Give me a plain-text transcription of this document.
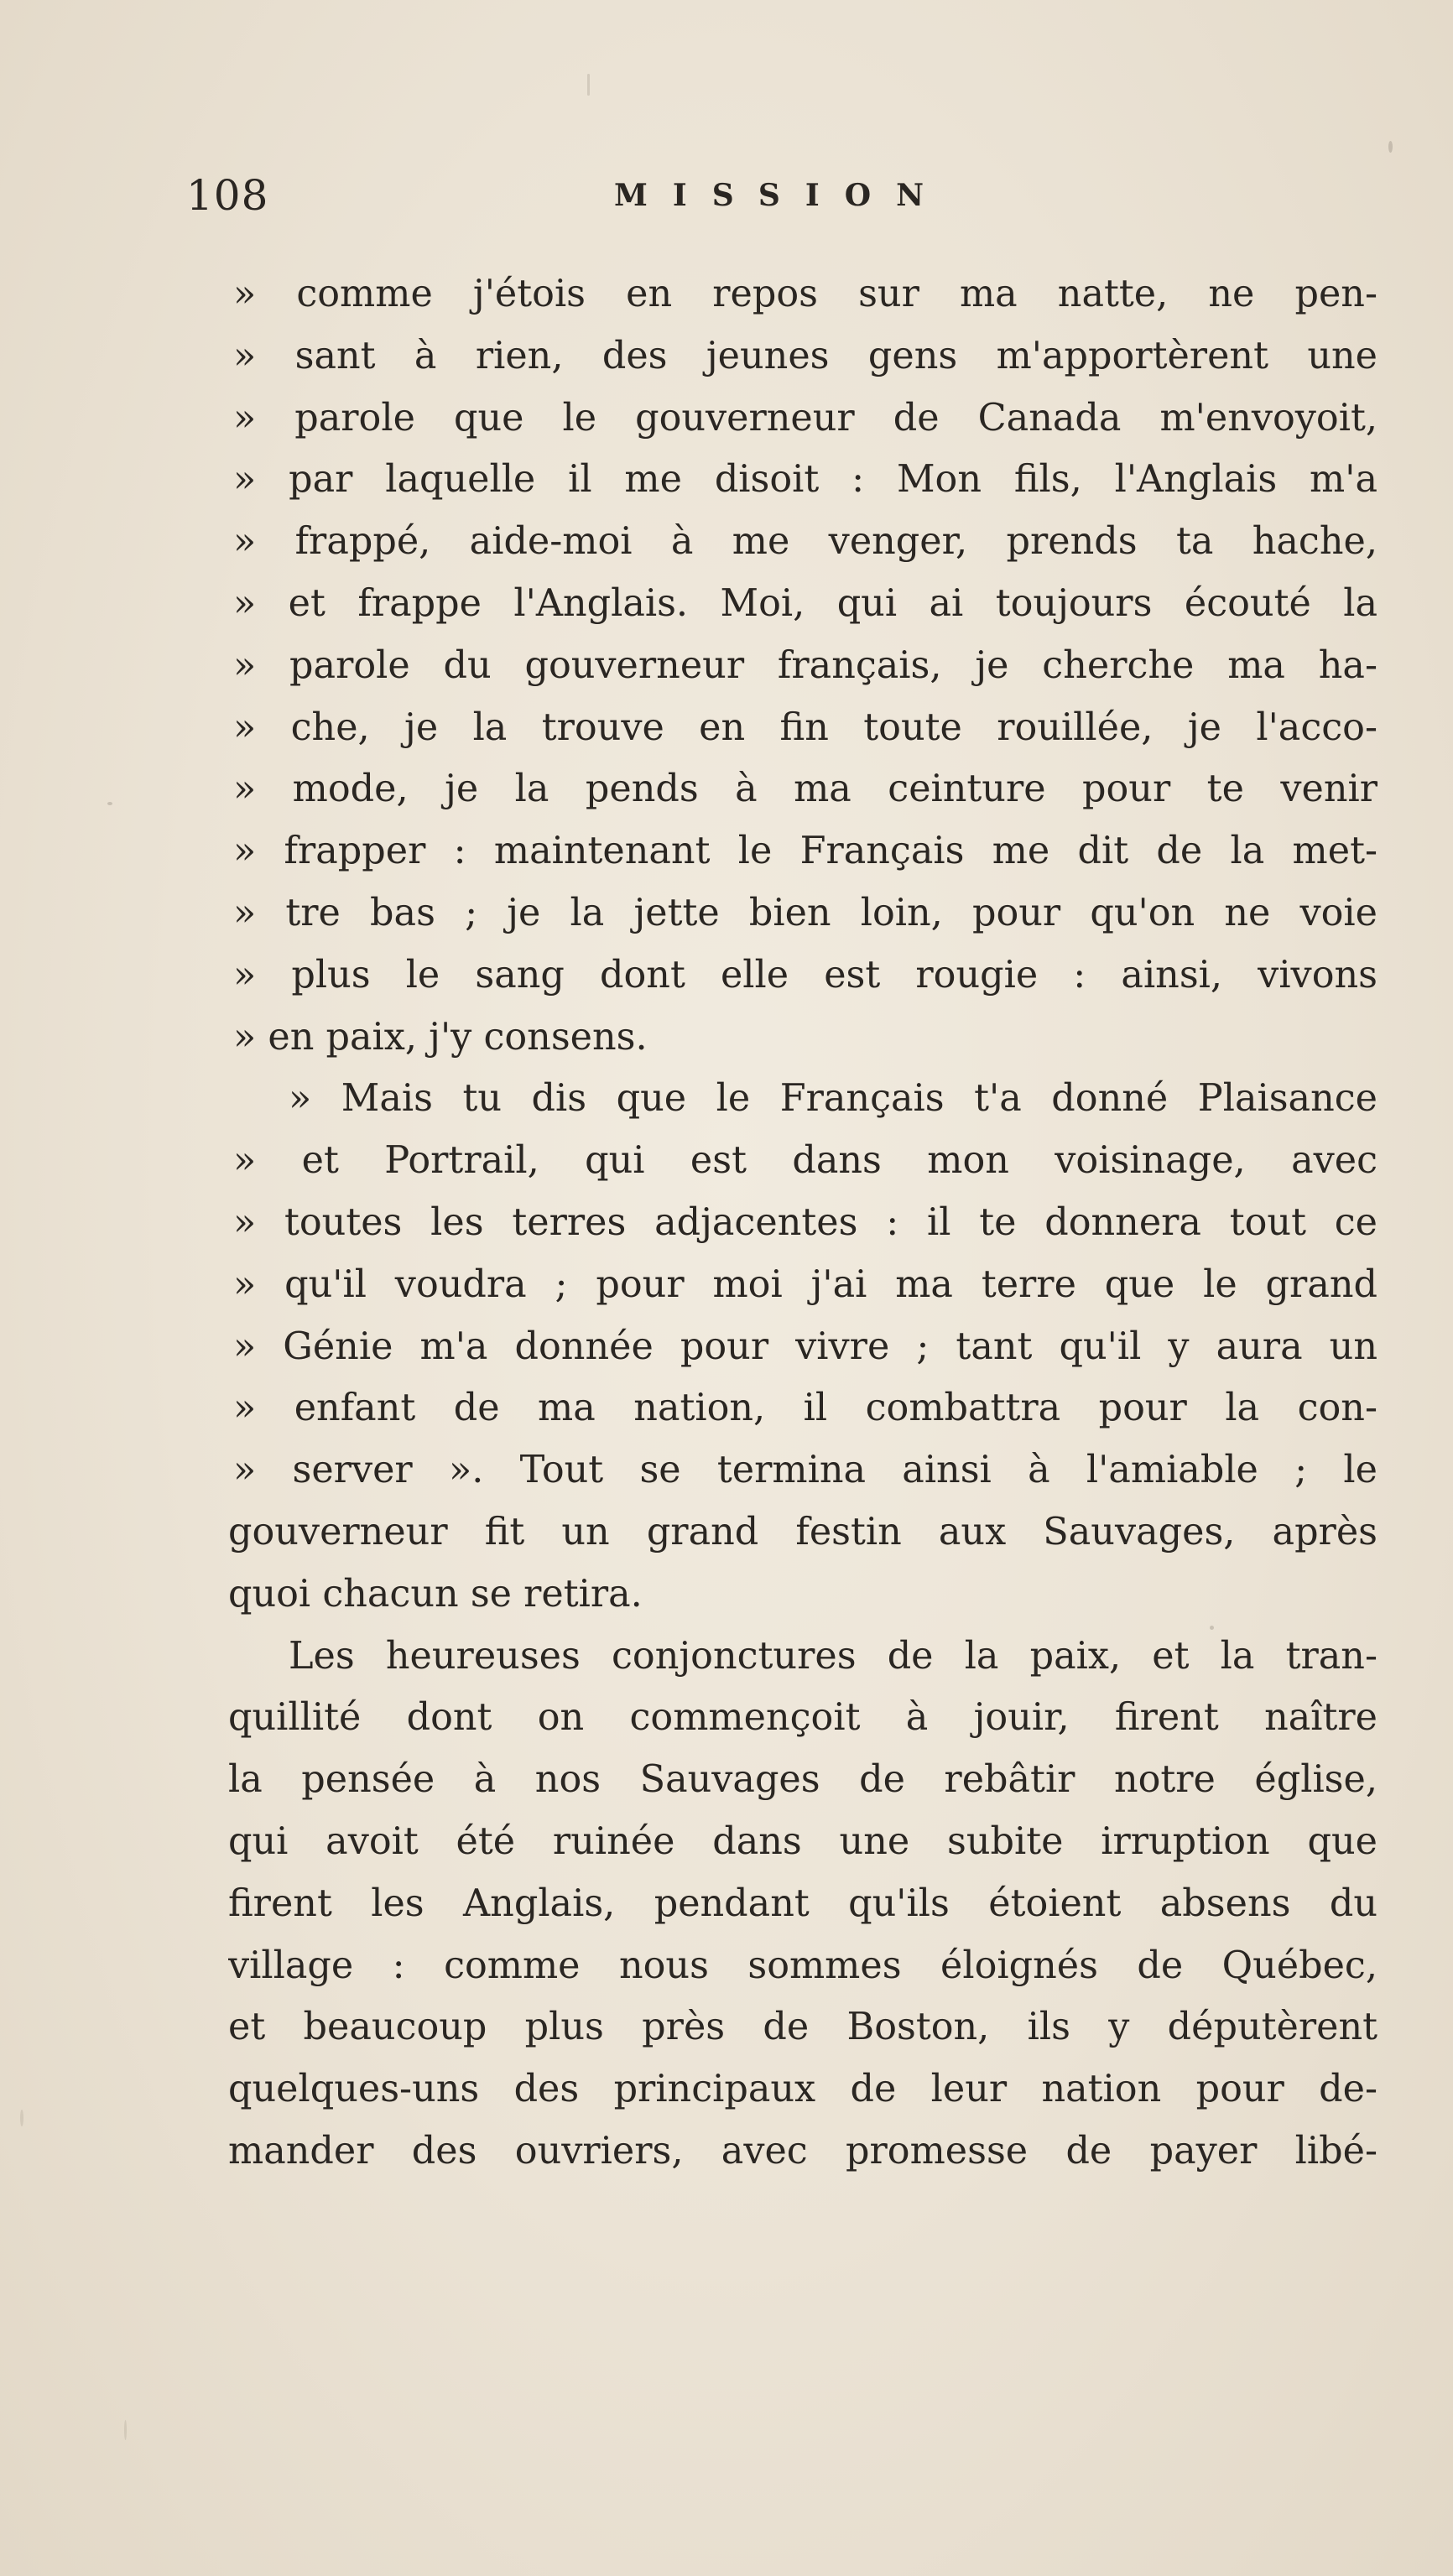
108	MISSION
» comme j'étois en repos sur ma natte, ne pen-
» sant à rien, des jeunes gens m'apportèrent une
» parole que le gouverneur de Canada m'envoyoit,
» par laquelle il me disoit : Mon fils, l'Anglais m'a
» frappé, aide-moi à me venger, prends ta hache,
» et frappe l'Anglais. Moi, qui ai toujours écouté la
» parole du gouverneur français, je cherche ma ha-
» che, je la trouve en fin toute rouillée, je l'acco-
» mode, je la pends à ma ceinture pour te venir
» frapper : maintenant le Français me dit de la met-
» tre bas ; je la jette bien loin, pour qu'on ne voie
» plus le sang dont elle est rougie : ainsi, vivons
» en paix, j'y consens.
» Mais tu dis que le Français t'a donné Plaisance
» et Portrail, qui est dans mon voisinage, avec
» toutes les terres adjacentes : il te donnera tout ce
» qu'il voudra ; pour moi j'ai ma terre que le grand
» Génie m'a donnée pour vivre ; tant qu'il y aura un
» enfant de ma nation, il combattra pour la con-
» server ». Tout se termina ainsi à l'amiable ; le
gouverneur fit un grand festin aux Sauvages, après
quoi chacun se retira.
Les heureuses conjonctures de la paix, et la tran-
quillité dont on commençoit à jouir, firent naître
la pensée à nos Sauvages de rebâtir notre église,
qui avoit été ruinée dans une subite irruption que
firent les Anglais, pendant qu'ils étoient absens du
village : comme nous sommes éloignés de Québec,
et beaucoup plus près de Boston, ils y députèrent
quelques-uns des principaux de leur nation pour de-
mander des ouvriers, avec promesse de payer libé-
